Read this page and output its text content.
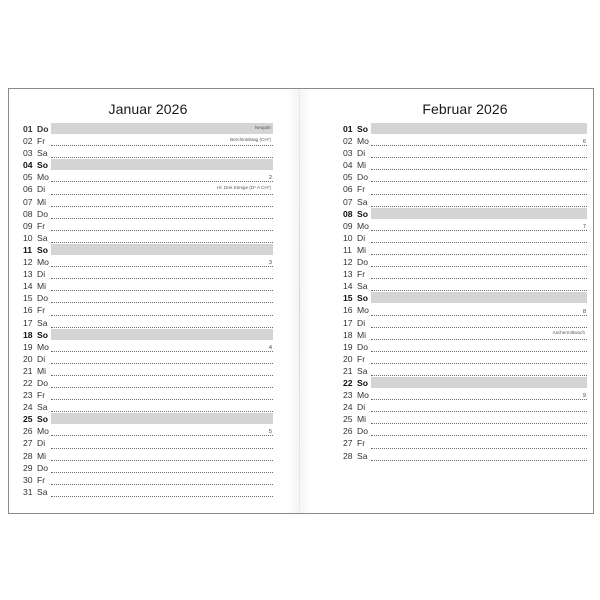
Januar 2026
01 Do	Neujahr
02 Fr	Berchtoldstag (CH*)
03 Sa
04 So
05 Mo	2
06 Di	Hl. Drei Könige (D* A CH*)
07 Mi
08 Do
09 Fr
10 Sa
11 So
12 Mo	3
13 Di
14 Mi
15 Do
16 Fr
17 Sa
18 So
19 Mo	4
20 Di
21 Mi
22 Do
23 Fr
24 Sa
25 So
26 Mo	5
27 Di
28 Mi
29 Do
30 Fr
31 Sa
Februar 2026
01 So
02 Mo	6
03 Di
04 Mi
05 Do
06 Fr
07 Sa
08 So
09 Mo	7
10 Di
11 Mi
12 Do
13 Fr
14 Sa
15 So
16 Mo	8
17 Di
18 Mi	Aschermittwoch
19 Do
20 Fr
21 Sa
22 So
23 Mo	9
24 Di
25 Mi
26 Do
27 Fr
28 Sa
